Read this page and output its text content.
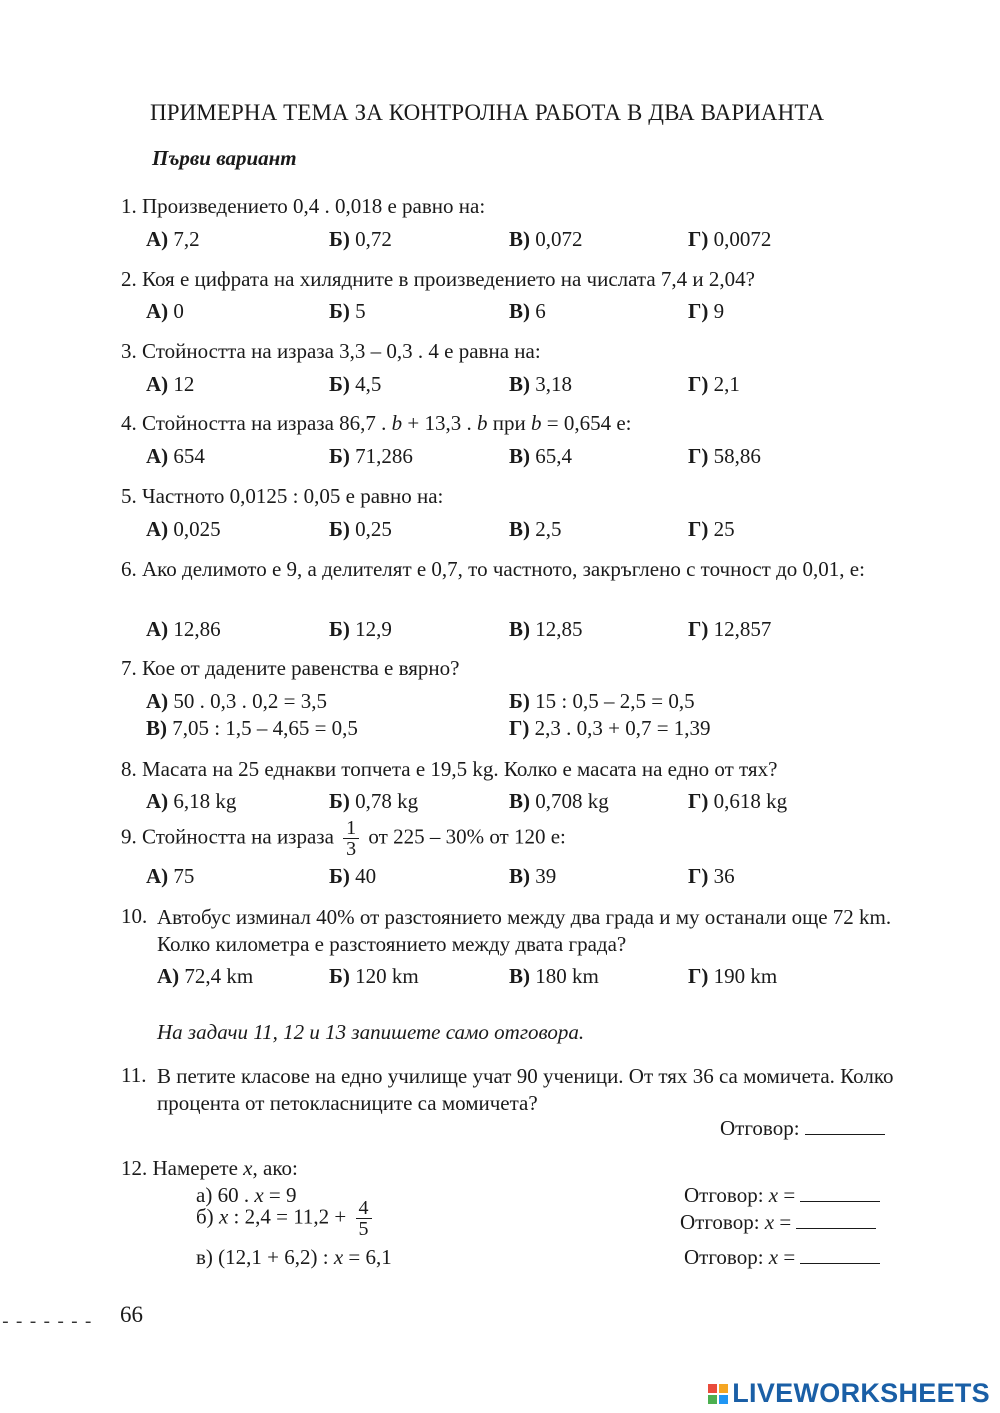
ПРИМЕРНА ТЕМА ЗА КОНТРОЛНА РАБОТА В ДВА ВАРИАНТА
Първи вариант
1. Произведението 0,4 . 0,018 е равно на:
А) 7,2	Б) 0,72	В) 0,072	Г) 0,0072
2. Коя е цифрата на хилядните в произведението на числата 7,4 и 2,04?
А) 0	Б) 5	В) 6	Г) 9
3. Стойността на израза 3,3 – 0,3 . 4 е равна на:
А) 12	Б) 4,5	В) 3,18	Г) 2,1
4. Стойността на израза 86,7 . b + 13,3 . b при b = 0,654 е:
А) 654	Б) 71,286	В) 65,4	Г) 58,86
5. Частното 0,0125 : 0,05 е равно на:
А) 0,025	Б) 0,25	В) 2,5	Г) 25
6. Ако делимото е 9, а делителят е 0,7, то частното, закръглено с точност до 0,01, е:
А) 12,86	Б) 12,9	В) 12,85	Г) 12,857
7. Кое от дадените равенства е вярно?
А) 50 . 0,3 . 0,2 = 3,5	Б) 15 : 0,5 – 2,5 = 0,5
В) 7,05 : 1,5 – 4,65 = 0,5	Г) 2,3 . 0,3 + 0,7 = 1,39
8. Масата на 25 еднакви топчета е 19,5 kg. Колко е масата на едно от тях?
А) 6,18 kg	Б) 0,78 kg	В) 0,708 kg	Г) 0,618 kg
9. Стойността на израза $\frac{1}{3}$ от 225 – 30% от 120 е:
А) 75	Б) 40	В) 39	Г) 36
10. Автобус изминал 40% от разстоянието между два града и му останали още 72 km. Колко километра е разстоянието между двата града?
А) 72,4 km	Б) 120 km	В) 180 km	Г) 190 km
На задачи 11, 12 и 13 запишете само отговора.
11. В петите класове на едно училище учат 90 ученици. От тях 36 са момичета. Колко процента от петокласниците са момичета?
Отговор:
12. Намерете x, ако:
а) 60 . x = 9	Отговор: x =
б) x : $2,4 = 11,2 + \frac{4}{5}$	Отговор: x =
в) (12,1 + 6,2) : x = 6,1	Отговор: x =
------- 66
LIVEWORKSHEETS
